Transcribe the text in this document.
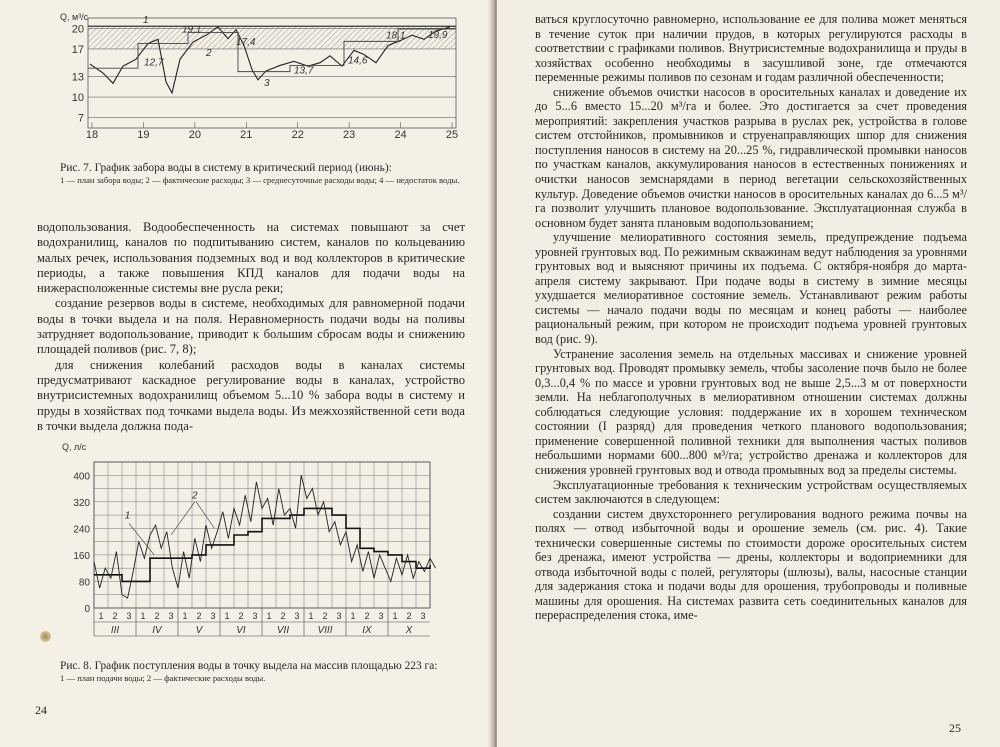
20
17
13
10
7
Q, м³/с
18	19	20	21	22	23	24	25
12,7
19,1
17,4
13,7
14,6
18,1 19,9
1
2
3
Рис. 7. График забора воды в систему в критический период (июнь):
1 — план забора воды; 2 — фактические расходы; 3 — среднесуточные расходы воды; 4 — недостаток воды.

водопользования. Водообеспеченность на системах повышают за счет водохранилищ, каналов по подпитыванию систем, каналов по кольцеванию малых речек, использования подземных вод и вод коллекторов в критические периоды, а также повышения КПД каналов для подачи воды на нижерасположенные системы вне русла реки;

создание резервов воды в системе, необходимых для равномерной подачи воды в точки выдела и на поля. Неравномерность подачи воды на поливы затрудняет водопользование, приводит к большим сбросам воды и снижению площадей поливов (рис. 7, 8);

для снижения колебаний расходов воды в каналах системы предусматривают каскадное регулирование воды в каналах, устройство внутрисистемных водохранилищ объемом 5...10 % забора воды в систему и пруды в хозяйствах под точками выдела воды. Из межхозяйственной сети вода в точки выдела должна пода-

Q, л/с
400
320
240
160
80
0
1 2 3
III
1 2 3
IV
1 2 3
V
1 2 3
VI
1 2 3
VII
1 2 3
VIII
1 2 3
IX
1 2 3
X
1
2
Рис. 8. График поступления воды в точку выдела на массив площадью 223 га:
1 — план подачи воды; 2 — фактические расходы воды.
24

ваться круглосуточно равномерно, использование ее для полива может меняться в течение суток при наличии прудов, в которых регулируются расходы в соответствии с графиками поливов. Внутрисистемные водохранилища и пруды в хозяйствах особенно необходимы в засушливой зоне, где отмечаются переменные режимы поливов по сезонам и годам различной обеспеченности;

снижение объемов очистки насосов в оросительных каналах и доведение их до 5...6 вместо 15...20 м³/га и более. Это достигается за счет проведения мероприятий: закрепления участков разрыва в руслах рек, устройства в голове систем отстойников, промывников и струенаправляющих шпор для снижения поступления наносов в систему на 20...25 %, гидравлической промывки наносов по участкам каналов, аккумулирования наносов в естественных понижениях и очистки наносов земснарядами в период вегетации сельскохозяйственных культур. Доведение объемов очистки наносов в оросительных каналах до 6...5 м³/га позволит улучшить плановое водопользование. Эксплуатационная служба в основном будет занята плановым водопользованием;

улучшение мелиоративного состояния земель, предупреждение подъема уровней грунтовых вод. По режимным скважинам ведут наблюдения за уровнями грунтовых вод и выясняют причины их подъема. С октября-ноября до марта-апреля систему закрывают. При подаче воды в систему в зимние месяцы ухудшается мелиоративное состояние земель. Устанавливают режим работы системы — начало подачи воды по месяцам и конец работы — наиболее рациональный режим, при котором не происходит подъема уровней грунтовых вод (рис. 9).

Устранение засоления земель на отдельных массивах и снижение уровней грунтовых вод. Проводят промывку земель, чтобы засоление почв было не более 0,3...0,4 % по массе и уровни грунтовых вод не выше 2,5...3 м от поверхности земли. На неблагополучных в мелиоративном отношении системах должны соблюдаться следующие условия: поддержание их в хорошем техническом состоянии (I разряд) для проведения четкого планового водопользования; применение совершенной поливной техники для выполнения частых поливов небольшими нормами 600...800 м³/га; устройство дренажа и коллекторов для снижения уровней грунтовых вод и отвода промывных вод за пределы системы.

Эксплуатационные требования к техническим устройствам осуществляемых систем заключаются в следующем:

создании систем двухстороннего регулирования водного режима почвы на полях — отвод избыточной воды и орошение земель (см. рис. 4). Такие технически совершенные системы по стоимости дороже оросительных систем без дренажа, имеют устройства — дрены, коллекторы и водоприемники для отвода избыточной воды с полей, регуляторы (шлюзы), валы, насосные станции для задержания стока и подачи воды для орошения, трубопроводы и поливные машины для орошения. На системах развита сеть соединительных каналов для перераспределения стока, име-

25
